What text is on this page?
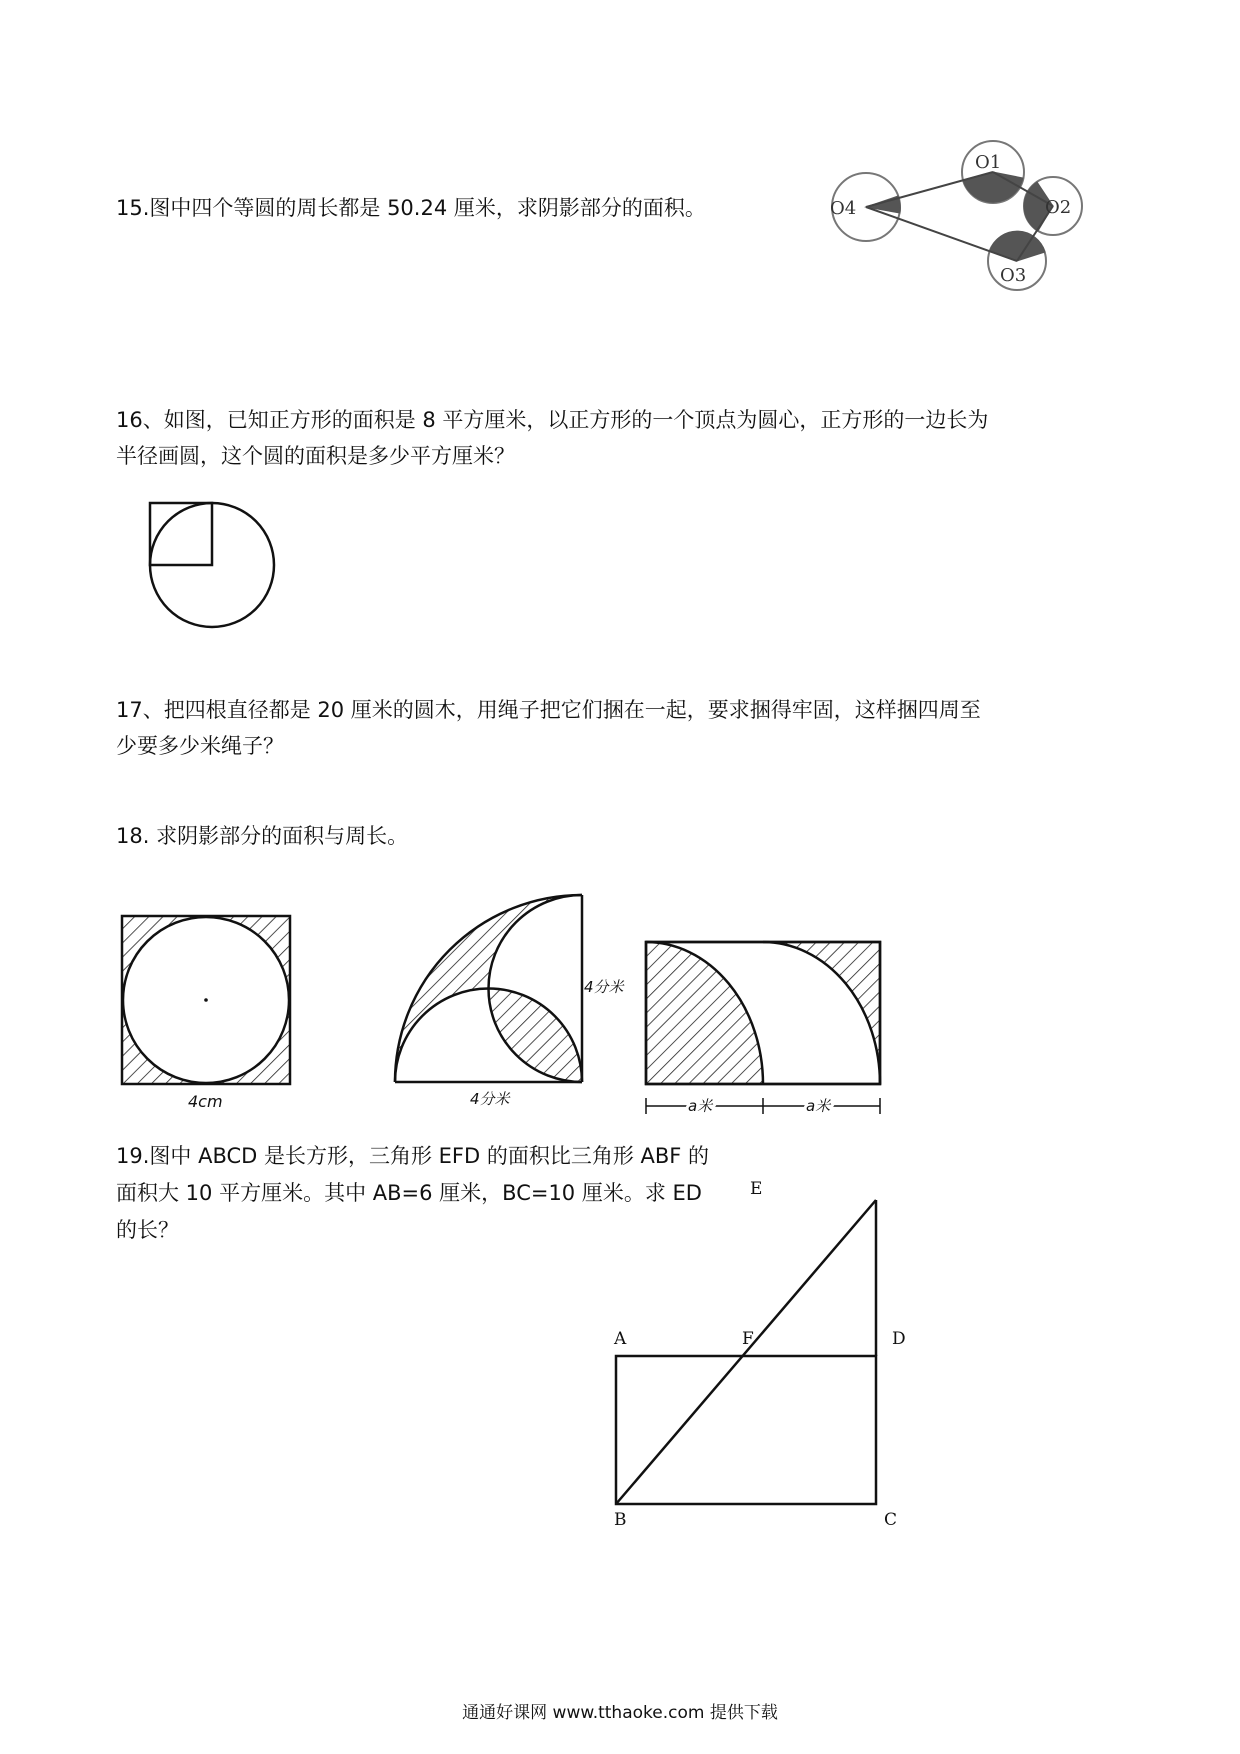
15.图中四个等圆的周长都是 50.24 厘米，求阴影部分的面积。	O4
O1
O2
O3

16、如图，已知正方形的面积是 8 平方厘米，以正方形的一个顶点为圆心，正方形的一边长为

半径画圆，这个圆的面积是多少平方厘米？

17、把四根直径都是 20 厘米的圆木，用绳子把它们捆在一起，要求捆得牢固，这样捆四周至

少要多少米绳子？

18. 求阴影部分的面积与周长。

4cm
4分米
4分米	a米	a米

19.图中 ABCD 是长方形，三角形 EFD 的面积比三角形 ABF 的面积大 10 平方厘米。其中 AB=6 厘米，BC=10 厘米。求 ED 的长？

E
A	F	D
B	C
通通好课网 www.tthaoke.com 提供下载
